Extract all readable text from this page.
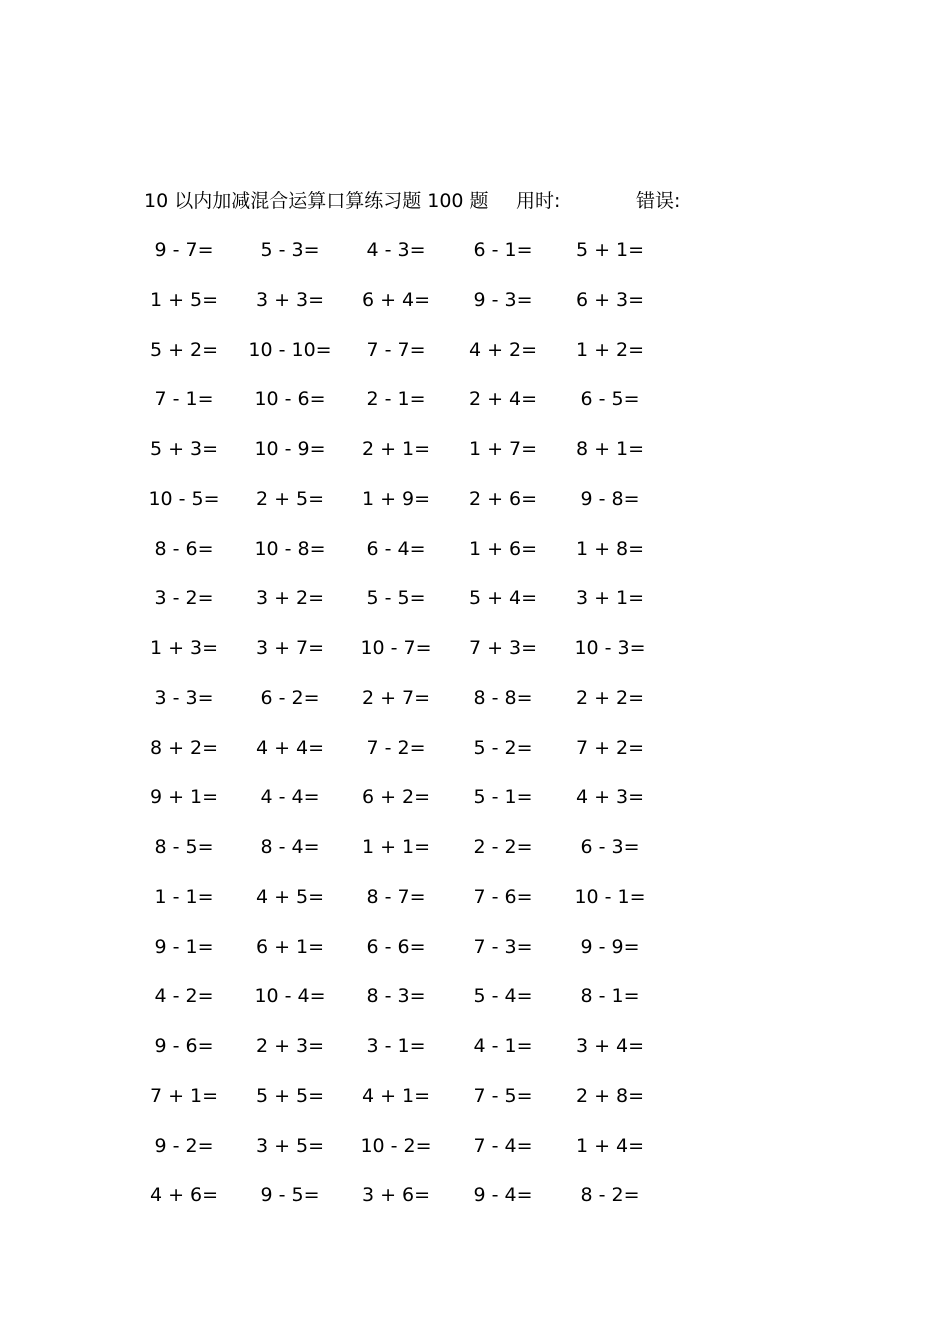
10 以内加减混合运算口算练习题 100 题 用时:	错误:
9 - 7= 5 - 3= 4 - 3=	6 - 1= 5 + 1=
1 + 5= 3 + 3= 6 + 4= 9 - 3= 6 + 3=
5 + 2= 10 - 10= 7 - 7= 4 + 2= 1 + 2=
7 - 1= 10 - 6= 2 - 1= 2 + 4= 6 - 5=
5 + 3= 10 - 9= 2 + 1= 1 + 7= 8 + 1=
10 - 5= 2 + 5= 1 + 9= 2 + 6= 9 - 8=
8 - 6= 10 - 8= 6 - 4= 1 + 6= 1 + 8=
3 - 2= 3 + 2= 5 - 5= 5 + 4= 3 + 1=
1 + 3= 3 + 7= 10 - 7= 7 + 3= 10 - 3=
3 - 3= 6 - 2= 2 + 7= 8 - 8= 2 + 2=
8 + 2= 4 + 4= 7 - 2=	5 - 2= 7 + 2=
9 + 1= 4 - 4= 6 + 2= 5 - 1= 4 + 3=
8 - 5= 8 - 4= 1 + 1= 2 - 2=	6 - 3=
1 - 1= 4 + 5= 8 - 7=	7 - 6= 10 - 1=
9 - 1= 6 + 1= 6 - 6=	7 - 3=	9 - 9=
4 - 2= 10 - 4= 8 - 3=	5 - 4=	8 - 1=
9 - 6= 2 + 3= 3 - 1=	4 - 1= 3 + 4=
7 + 1= 5 + 5= 4 + 1= 7 - 5= 2 + 8=
9 - 2= 3 + 5= 10 - 2= 7 - 4= 1 + 4=
4 + 6= 9 - 5= 3 + 6= 9 - 4=	8 - 2=
